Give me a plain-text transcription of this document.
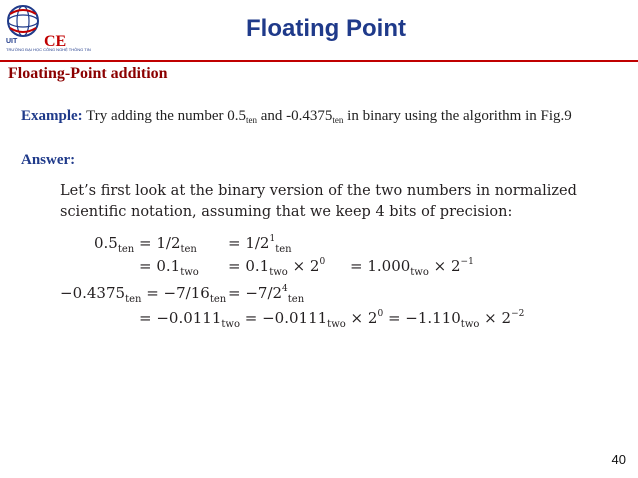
UIT
TRƯỜNG ĐẠI HỌC CÔNG NGHỆ THÔNG TIN
CE	Floating Point
Floating-Point addition
Example: Try adding the number $0.5_{ten}$ and $-0.4375_{ten}$ in binary using the algorithm in Fig.9
Answer:
Let’s first look at the binary version of the two numbers in normalized scientific notation, assuming that we keep 4 bits of precision:
$0.5_{ten} = 1/2_{ten} = 1/2^1_{ten}$
= $0.1_{two} = 0.1_{two} \times 2^0 = 1.000_{two} \times 2^{-1}$
$-0.4375_{ten} = -7/16_{ten} = -7/2^4_{ten}$
= $-0.0111_{two} = -0.0111_{two} \times 2^0 = -1.110_{two} \times 2^{-2}$
40
